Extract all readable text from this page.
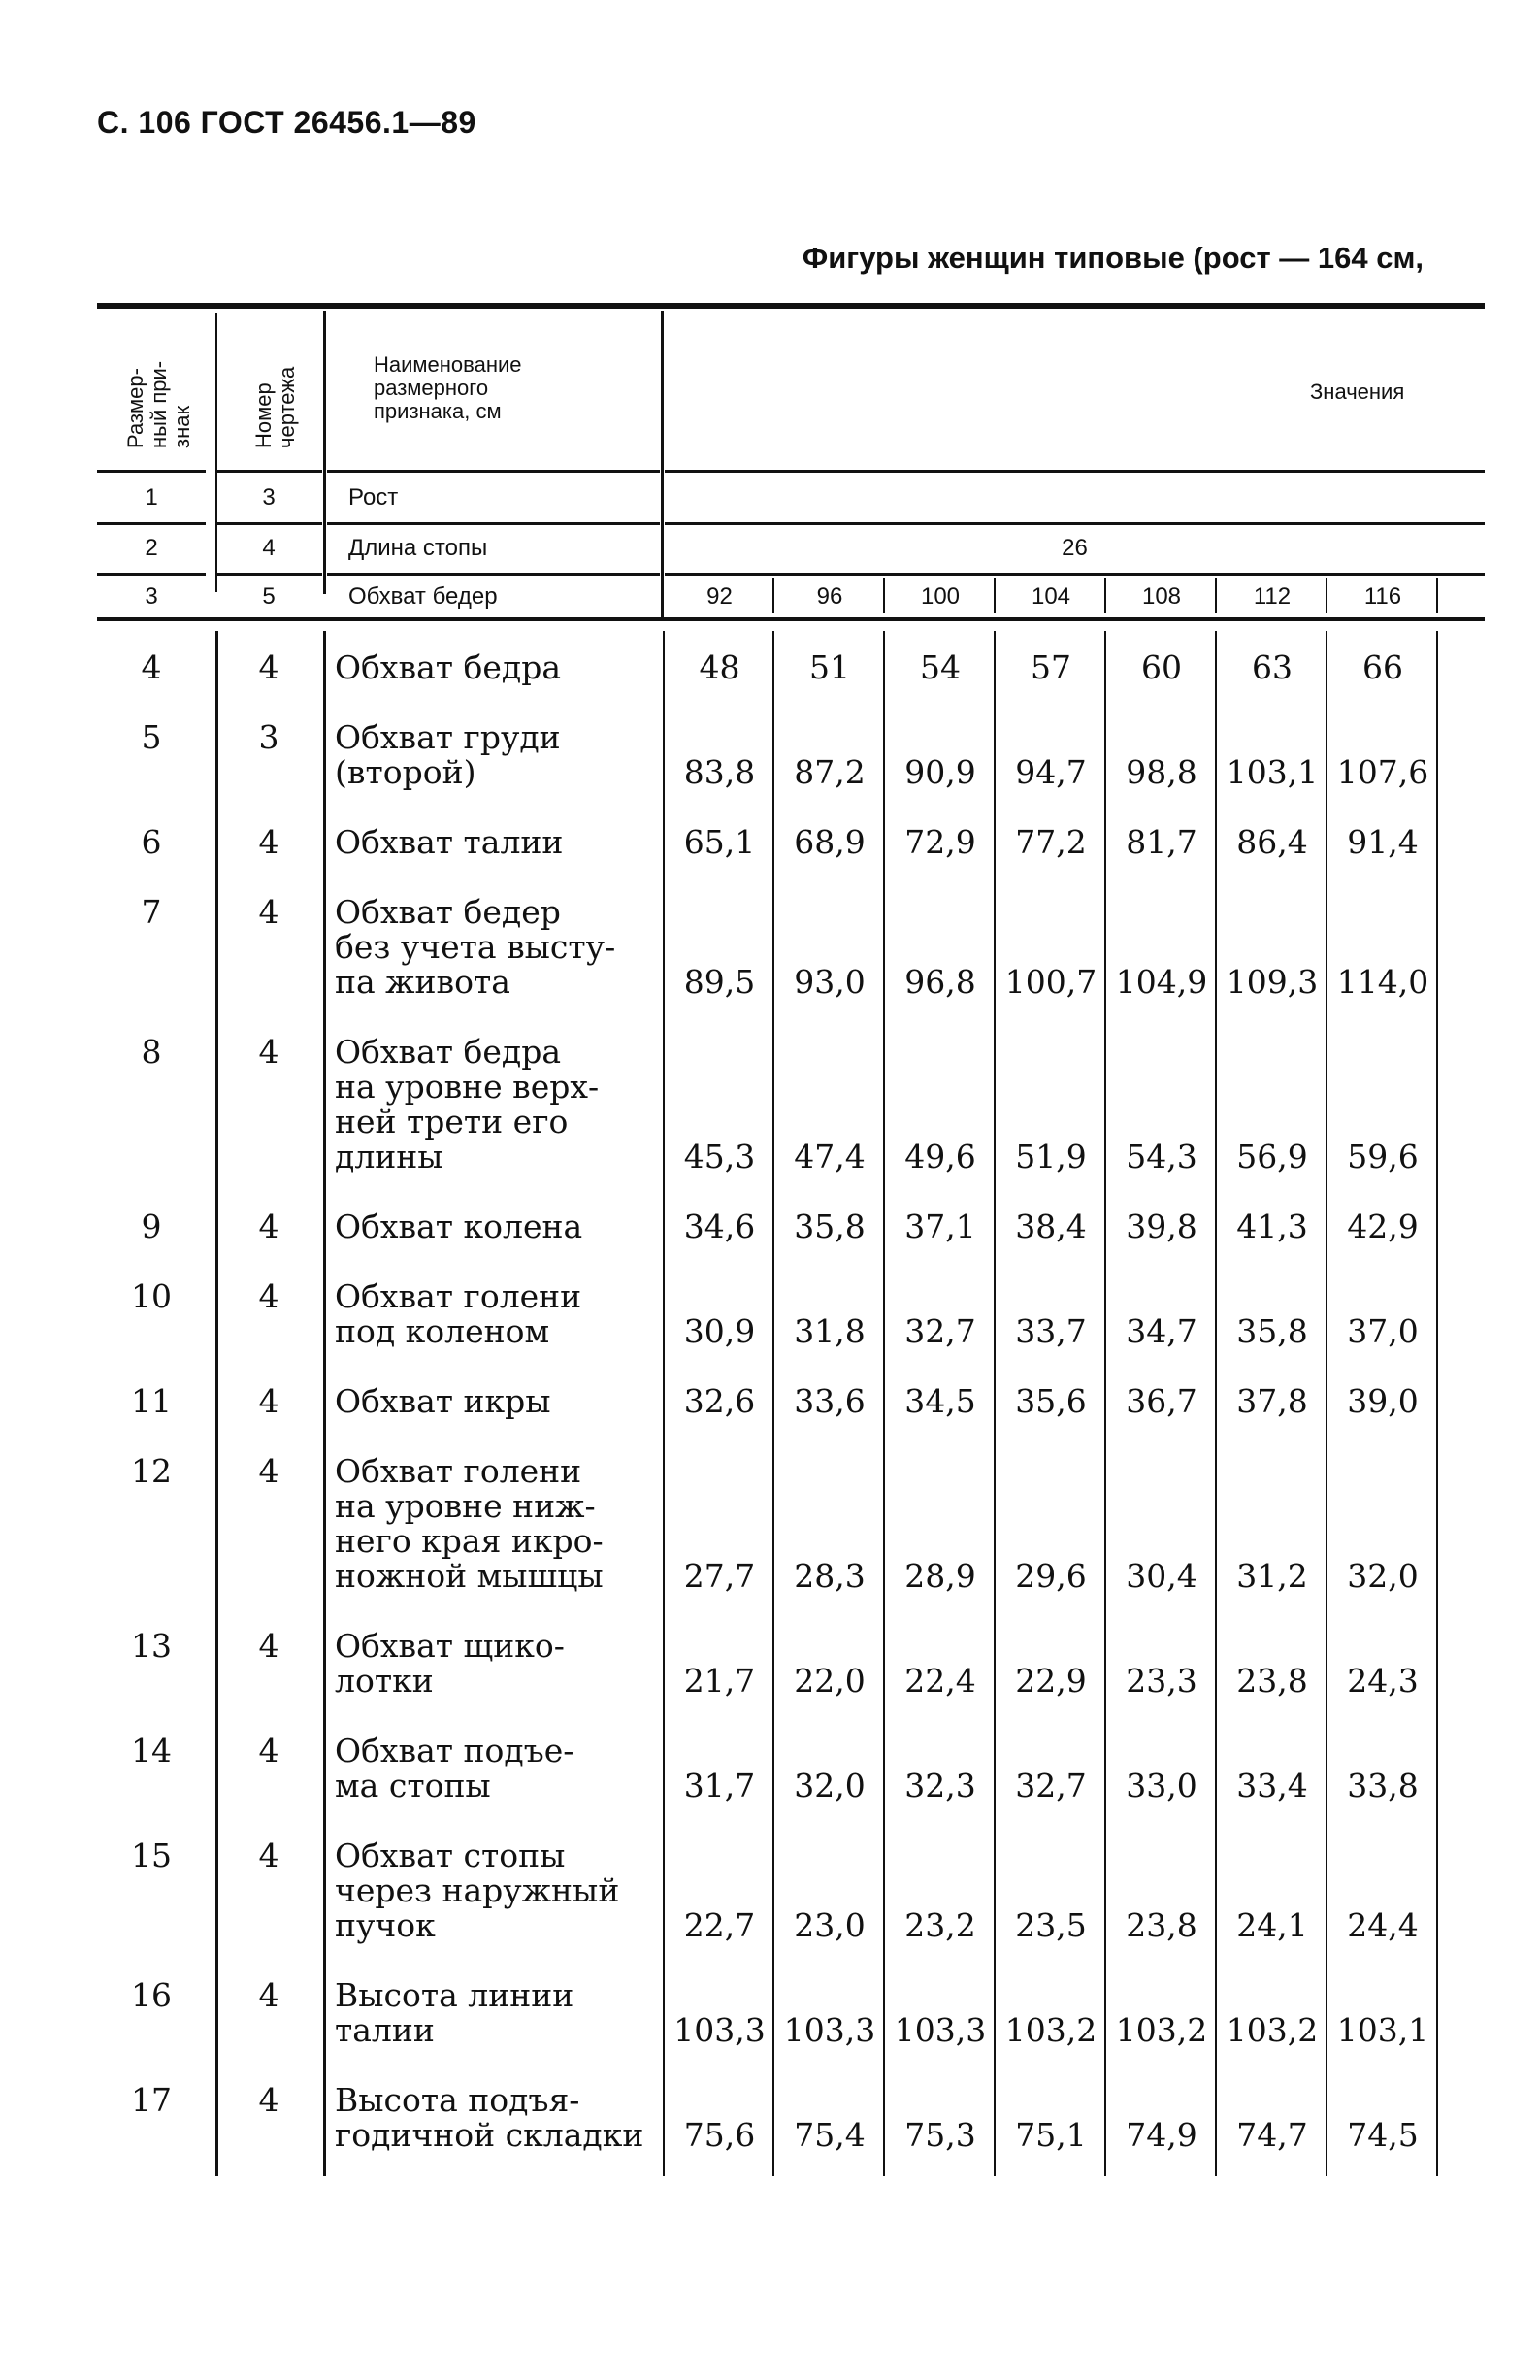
С. 106 ГОСТ 26456.1—89
Фигуры женщин типовые (рост — 164 см,
Размер- ный при- знак	Номер чертежа
Наименование
размерного
признака, см
Значения
1	3	Рост
2	4	Длина стопы	26
3	5	Обхват бедер	92	96	100	104	108	112	116
4	4	Обхват бедра	48	51	54	57	60	63	66
5	3	Обхват груди
(второй)	83,8	87,2	90,9	94,7	98,8 103,1 107,6
6	4	Обхват талии	65,1	68,9	72,9	77,2	81,7	86,4	91,4
7	4	Обхват бедер
без учета высту-
па живота	89,5	93,0	96,8 100,7 104,9 109,3 114,0
8	4	Обхват бедра
на уровне верх-
ней трети его
длины	45,3	47,4	49,6	51,9	54,3	56,9	59,6
9	4	Обхват колена	34,6	35,8	37,1	38,4	39,8	41,3	42,9
10	4	Обхват голени
под коленом	30,9	31,8	32,7	33,7	34,7	35,8	37,0
11	4	Обхват икры	32,6	33,6	34,5	35,6	36,7	37,8	39,0
12	4	Обхват голени
на уровне ниж-
него края икро-
ножной мышцы	27,7	28,3	28,9	29,6	30,4	31,2	32,0
13	4	Обхват щико-
лотки	21,7	22,0	22,4	22,9	23,3	23,8	24,3
14	4	Обхват подъе-
ма стопы	31,7	32,0	32,3	32,7	33,0	33,4	33,8
15	4	Обхват стопы
через наружный
пучок	22,7	23,0	23,2	23,5	23,8	24,1	24,4
16	4	Высота линии
талии	103,3 103,3 103,3 103,2 103,2 103,2 103,1
17	4	Высота подъя-
годичной складки	75,6	75,4	75,3	75,1	74,9	74,7	74,5
